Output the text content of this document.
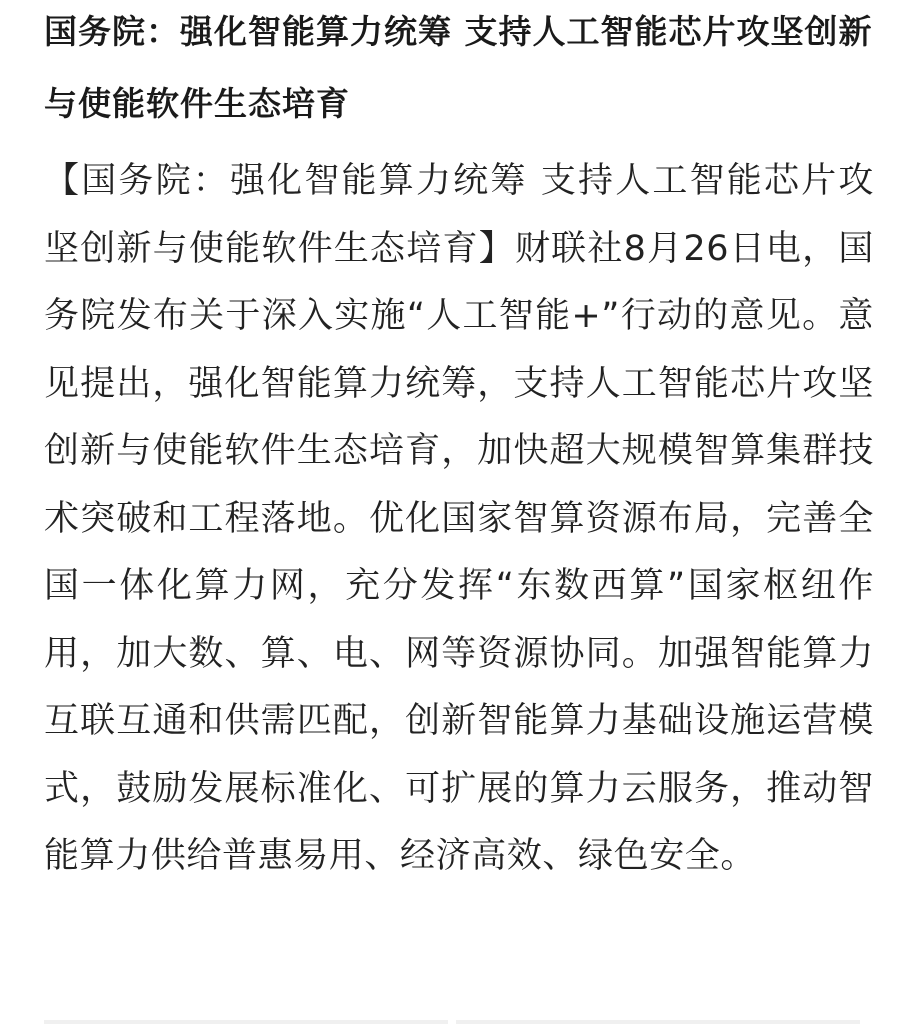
国务院：强化智能算力统筹 支持人工智能芯片攻坚创新与使能软件生态培育

【国务院：强化智能算力统筹 支持人工智能芯片攻坚创新与使能软件生态培育】财联社8月26日电，国务院发布关于深入实施“人工智能+”行动的意见。意见提出，强化智能算力统筹，支持人工智能芯片攻坚创新与使能软件生态培育，加快超大规模智算集群技术突破和工程落地。优化国家智算资源布局，完善全国一体化算力网，充分发挥“东数西算”国家枢纽作用，加大数、算、电、网等资源协同。加强智能算力互联互通和供需匹配，创新智能算力基础设施运营模式，鼓励发展标准化、可扩展的算力云服务，推动智能算力供给普惠易用、经济高效、绿色安全。
